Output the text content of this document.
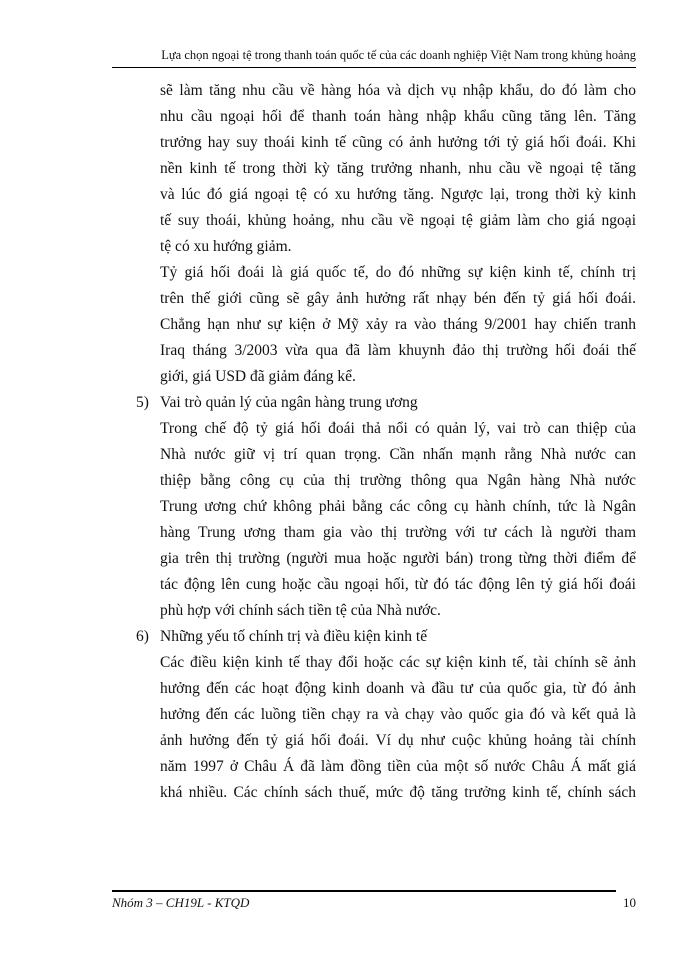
Lựa chọn ngoại tệ trong thanh toán quốc tế của các doanh nghiệp Việt Nam trong khủng hoảng
sẽ làm tăng nhu cầu về hàng hóa và dịch vụ nhập khẩu, do đó làm cho
nhu cầu ngoại hối để thanh toán hàng nhập khẩu cũng tăng lên. Tăng
trưởng hay suy thoái kinh tế cũng có ảnh hưởng tới tỷ giá hối đoái. Khi
nền kinh tế trong thời kỳ tăng trưởng nhanh, nhu cầu về ngoại tệ tăng
và lúc đó giá ngoại tệ có xu hướng tăng. Ngược lại, trong thời kỳ kinh
tế suy thoái, khủng hoảng, nhu cầu về ngoại tệ giảm làm cho giá ngoại
tệ có xu hướng giảm.
Tỷ giá hối đoái là giá quốc tế, do đó những sự kiện kinh tế, chính trị
trên thế giới cũng sẽ gây ảnh hưởng rất nhạy bén đến tỷ giá hối đoái.
Chẳng hạn như sự kiện ở Mỹ xảy ra vào tháng 9/2001 hay chiến tranh
Iraq tháng 3/2003 vừa qua đã làm khuynh đảo thị trường hối đoái thế
giới, giá USD đã giảm đáng kể.
5) Vai trò quản lý của ngân hàng trung ương
Trong chế độ tỷ giá hối đoái thả nổi có quản lý, vai trò can thiệp của
Nhà nước giữ vị trí quan trọng. Cần nhấn mạnh rằng Nhà nước can
thiệp bằng công cụ của thị trường thông qua Ngân hàng Nhà nước
Trung ương chứ không phải bằng các công cụ hành chính, tức là Ngân
hàng Trung ương tham gia vào thị trường với tư cách là người tham
gia trên thị trường (người mua hoặc người bán) trong từng thời điểm để
tác động lên cung hoặc cầu ngoại hối, từ đó tác động lên tỷ giá hối đoái
phù hợp với chính sách tiền tệ của Nhà nước.
6) Những yếu tố chính trị và điều kiện kinh tế
Các điều kiện kinh tế thay đổi hoặc các sự kiện kinh tế, tài chính sẽ ảnh
hưởng đến các hoạt động kinh doanh và đầu tư của quốc gia, từ đó ảnh
hưởng đến các luồng tiền chạy ra và chạy vào quốc gia đó và kết quả là
ảnh hưởng đến tỷ giá hối đoái. Ví dụ như cuộc khủng hoảng tài chính
năm 1997 ở Châu Á đã làm đồng tiền của một số nước Châu Á mất giá
khá nhiều. Các chính sách thuế, mức độ tăng trưởng kinh tế, chính sách
Nhóm 3 – CH19L - KTQD	10
